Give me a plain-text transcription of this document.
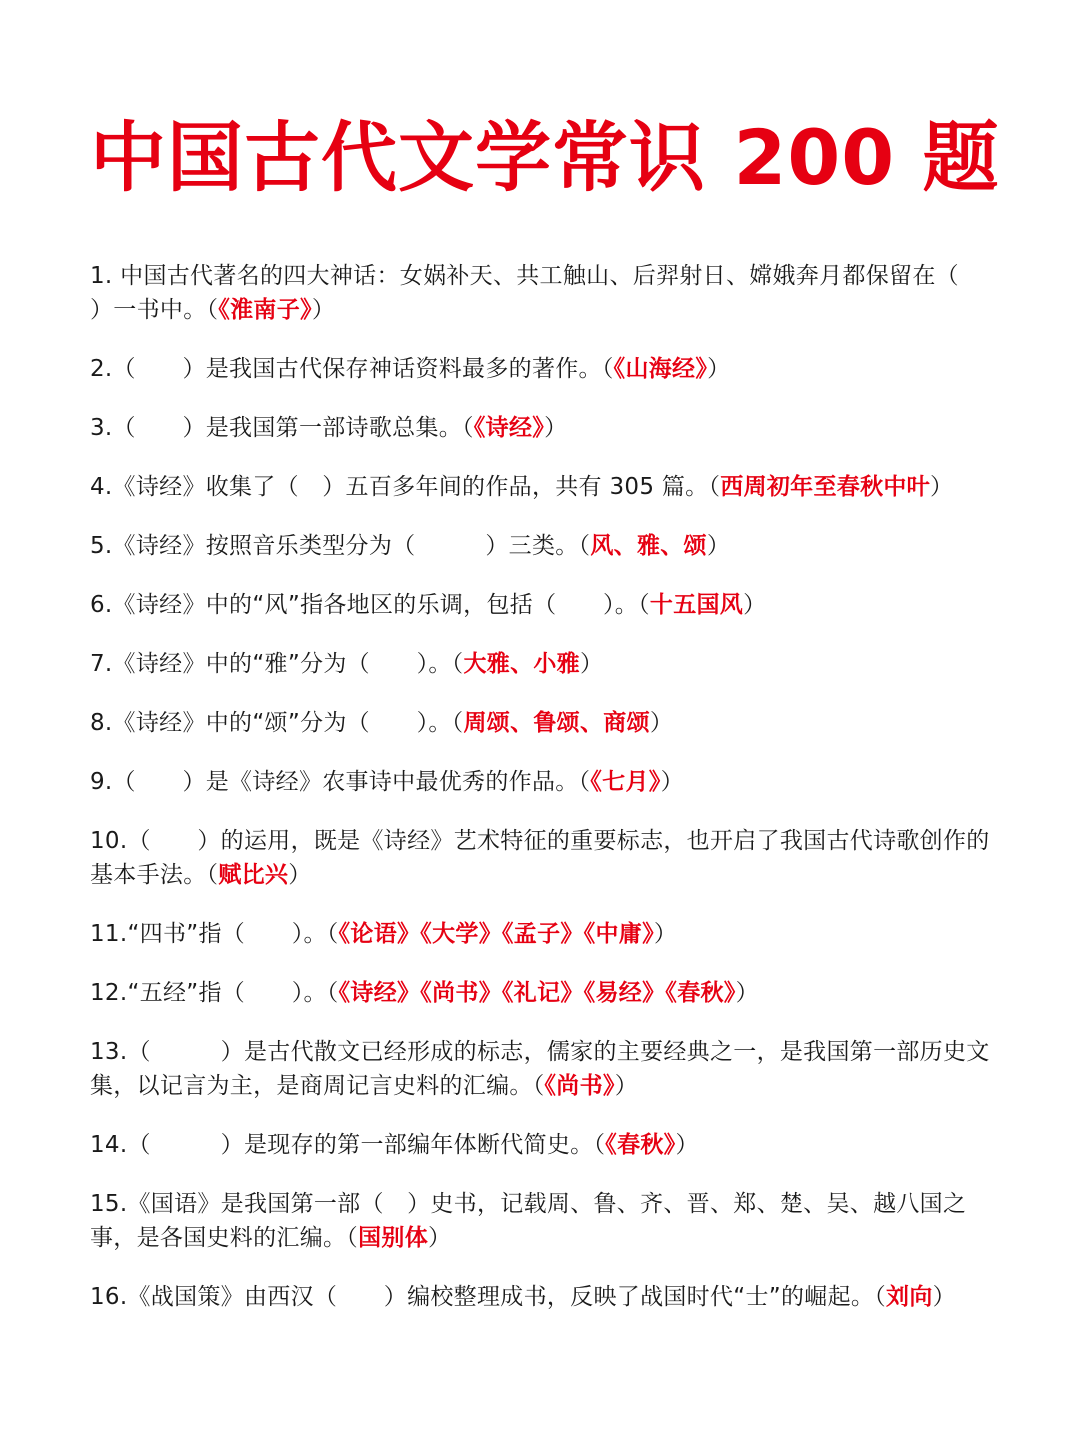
中国古代文学常识 200 题

1. 中国古代著名的四大神话：女娲补天、共工触山、后羿射日、嫦娥奔月都保留在（　　）一书中。（《淮南子》）

2.（　　）是我国古代保存神话资料最多的著作。（《山海经》）

3.（　　）是我国第一部诗歌总集。（《诗经》）

4.《诗经》收集了（　）五百多年间的作品，共有 305 篇。（西周初年至春秋中叶）

5.《诗经》按照音乐类型分为（　　　）三类。（风、雅、颂）

6.《诗经》中的“风”指各地区的乐调，包括（　　）。（十五国风）

7.《诗经》中的“雅”分为（　　）。（大雅、小雅）

8.《诗经》中的“颂”分为（　　）。（周颂、鲁颂、商颂）

9.（　　）是《诗经》农事诗中最优秀的作品。（《七月》）

10.（　　）的运用，既是《诗经》艺术特征的重要标志，也开启了我国古代诗歌创作的基本手法。（赋比兴）

11.“四书”指（　　）。（《论语》《大学》《孟子》《中庸》）

12.“五经”指（　　）。（《诗经》《尚书》《礼记》《易经》《春秋》）

13.（　　　）是古代散文已经形成的标志，儒家的主要经典之一，是我国第一部历史文集，以记言为主，是商周记言史料的汇编。（《尚书》）

14.（　　　）是现存的第一部编年体断代简史。（《春秋》）

15.《国语》是我国第一部（　）史书，记载周、鲁、齐、晋、郑、楚、吴、越八国之事，是各国史料的汇编。（国别体）

16.《战国策》由西汉（　　）编校整理成书，反映了战国时代“士”的崛起。（刘向）
